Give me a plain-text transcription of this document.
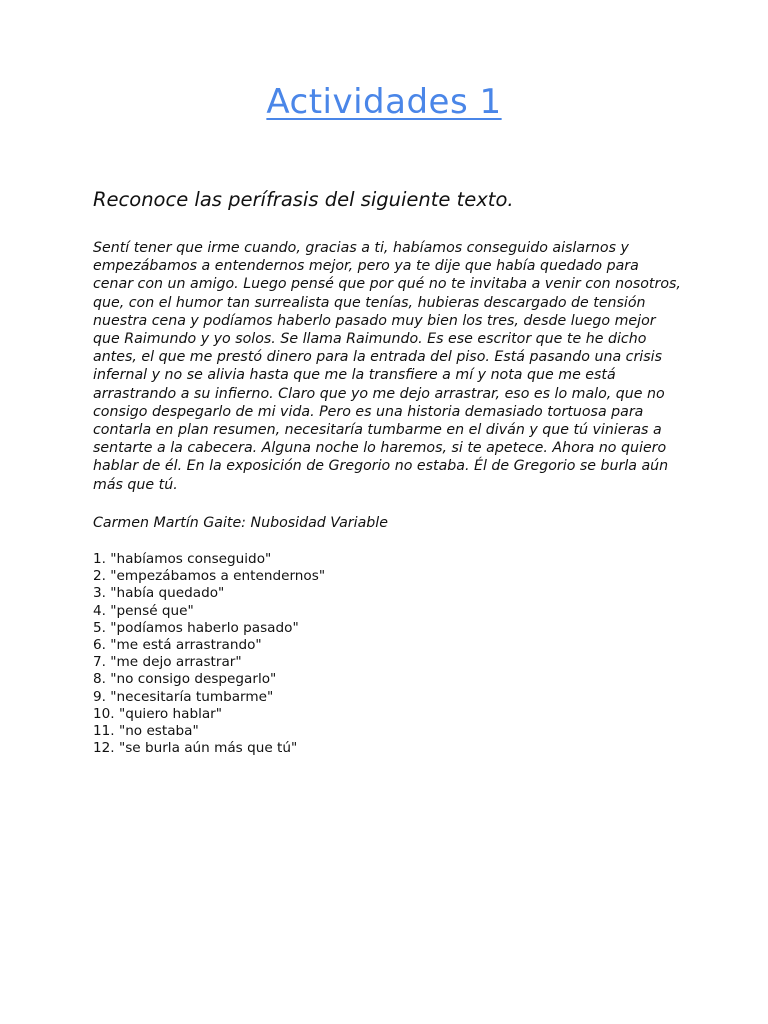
Actividades 1
Reconoce las perífrasis del siguiente texto.

Sentí tener que irme cuando, gracias a ti, habíamos conseguido aislarnos y empezábamos a entendernos mejor, pero ya te dije que había quedado para cenar con un amigo. Luego pensé que por qué no te invitaba a venir con nosotros, que, con el humor tan surrealista que tenías, hubieras descargado de tensión nuestra cena y podíamos haberlo pasado muy bien los tres, desde luego mejor que Raimundo y yo solos. Se llama Raimundo. Es ese escritor que te he dicho antes, el que me prestó dinero para la entrada del piso. Está pasando una crisis infernal y no se alivia hasta que me la transfiere a mí y nota que me está arrastrando a su infierno. Claro que yo me dejo arrastrar, eso es lo malo, que no consigo despegarlo de mi vida. Pero es una historia demasiado tortuosa para contarla en plan resumen, necesitaría tumbarme en el diván y que tú vinieras a sentarte a la cabecera. Alguna noche lo haremos, si te apetece. Ahora no quiero hablar de él. En la exposición de Gregorio no estaba. Él de Gregorio se burla aún más que tú.

Carmen Martín Gaite: Nubosidad Variable

1. "habíamos conseguido"
2. "empezábamos a entendernos"
3. "había quedado"
4. "pensé que"
5. "podíamos haberlo pasado"
6. "me está arrastrando"
7. "me dejo arrastrar"
8. "no consigo despegarlo"
9. "necesitaría tumbarme"
10. "quiero hablar"
11. "no estaba"
12. "se burla aún más que tú"
